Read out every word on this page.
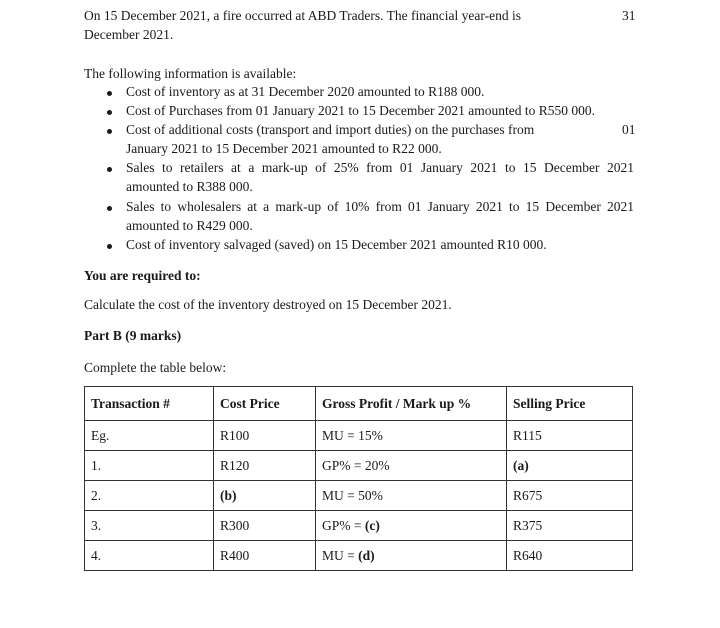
On 15 December 2021, a fire occurred at ABD Traders. The financial year-end is
December 2021.
31
The following information is available:
Cost of inventory as at 31 December 2020 amounted to R188 000.
Cost of Purchases from 01 January 2021 to 15 December 2021 amounted to R550 000.
Cost of additional costs (transport and import duties) on the purchases from	01
January 2021 to 15 December 2021 amounted to R22 000.
Sales to retailers at a mark-up of 25% from 01 January 2021 to 15 December 2021
amounted to R388 000.
Sales to wholesalers at a mark-up of 10% from 01 January 2021 to 15 December 2021
amounted to R429 000.
Cost of inventory salvaged (saved) on 15 December 2021 amounted R10 000.
You are required to:
Calculate the cost of the inventory destroyed on 15 December 2021.
Part B (9 marks)
Complete the table below:
Transaction #	Cost Price	Gross Profit / Mark up %	Selling Price
Eg.	R100	MU = 15%	R115
1.	R120	GP% = 20%	(a)
2.	(b)	MU = 50%	R675
3.	R300	GP% = (c)	R375
4.	R400	MU = (d)	R640
